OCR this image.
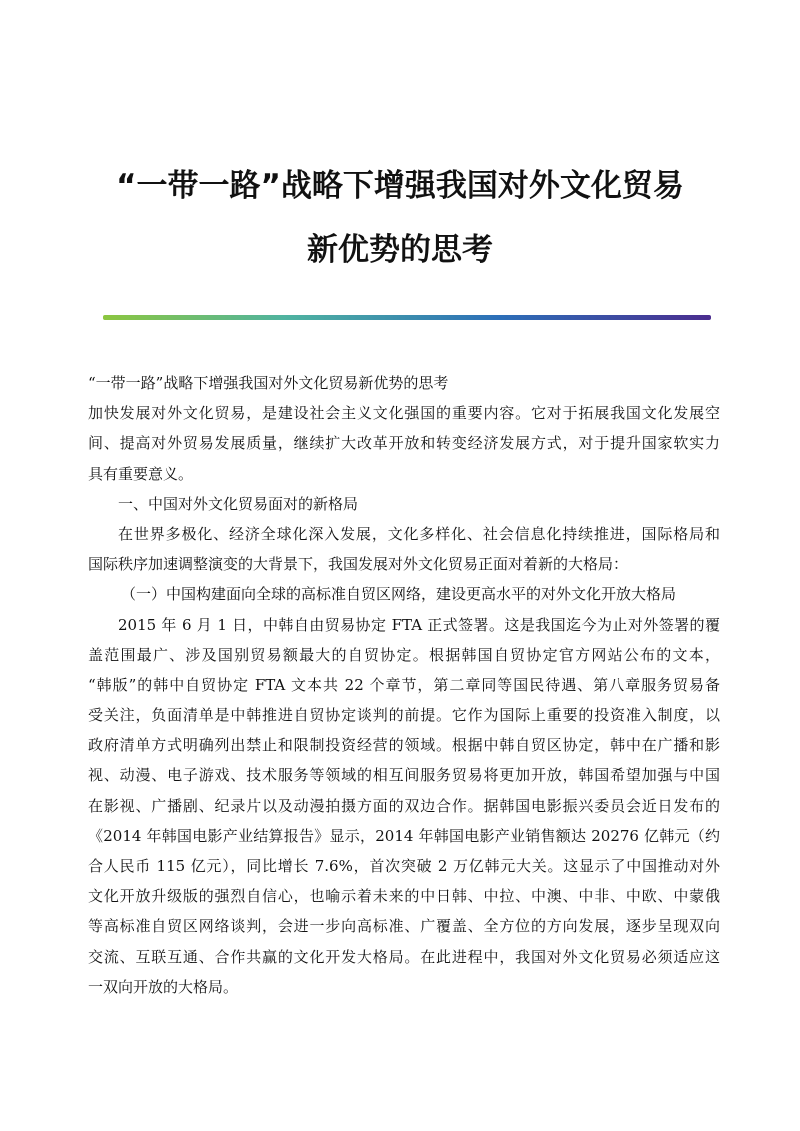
“一带一路”战略下增强我国对外文化贸易
新优势的思考
“一带一路”战略下增强我国对外文化贸易新优势的思考
加快发展对外文化贸易，是建设社会主义文化强国的重要内容。它对于拓展我国文化发展空
间、提高对外贸易发展质量，继续扩大改革开放和转变经济发展方式，对于提升国家软实力
具有重要意义。
一、中国对外文化贸易面对的新格局
在世界多极化、经济全球化深入发展，文化多样化、社会信息化持续推进，国际格局和
国际秩序加速调整演变的大背景下，我国发展对外文化贸易正面对着新的大格局：
（一）中国构建面向全球的高标准自贸区网络，建设更高水平的对外文化开放大格局
2015 年 6 月 1 日，中韩自由贸易协定 FTA 正式签署。这是我国迄今为止对外签署的覆
盖范围最广、涉及国别贸易额最大的自贸协定。根据韩国自贸协定官方网站公布的文本，
“韩版”的韩中自贸协定 FTA 文本共 22 个章节，第二章同等国民待遇、第八章服务贸易备
受关注，负面清单是中韩推进自贸协定谈判的前提。它作为国际上重要的投资准入制度，以
政府清单方式明确列出禁止和限制投资经营的领域。根据中韩自贸区协定，韩中在广播和影
视、动漫、电子游戏、技术服务等领域的相互间服务贸易将更加开放，韩国希望加强与中国
在影视、广播剧、纪录片以及动漫拍摄方面的双边合作。据韩国电影振兴委员会近日发布的
《2014 年韩国电影产业结算报告》显示，2014 年韩国电影产业销售额达 20276 亿韩元（约
合人民币 115 亿元），同比增长 7.6%，首次突破 2 万亿韩元大关。这显示了中国推动对外
文化开放升级版的强烈自信心，也喻示着未来的中日韩、中拉、中澳、中非、中欧、中蒙俄
等高标准自贸区网络谈判，会进一步向高标准、广覆盖、全方位的方向发展，逐步呈现双向
交流、互联互通、合作共赢的文化开发大格局。在此进程中，我国对外文化贸易必须适应这
一双向开放的大格局。
